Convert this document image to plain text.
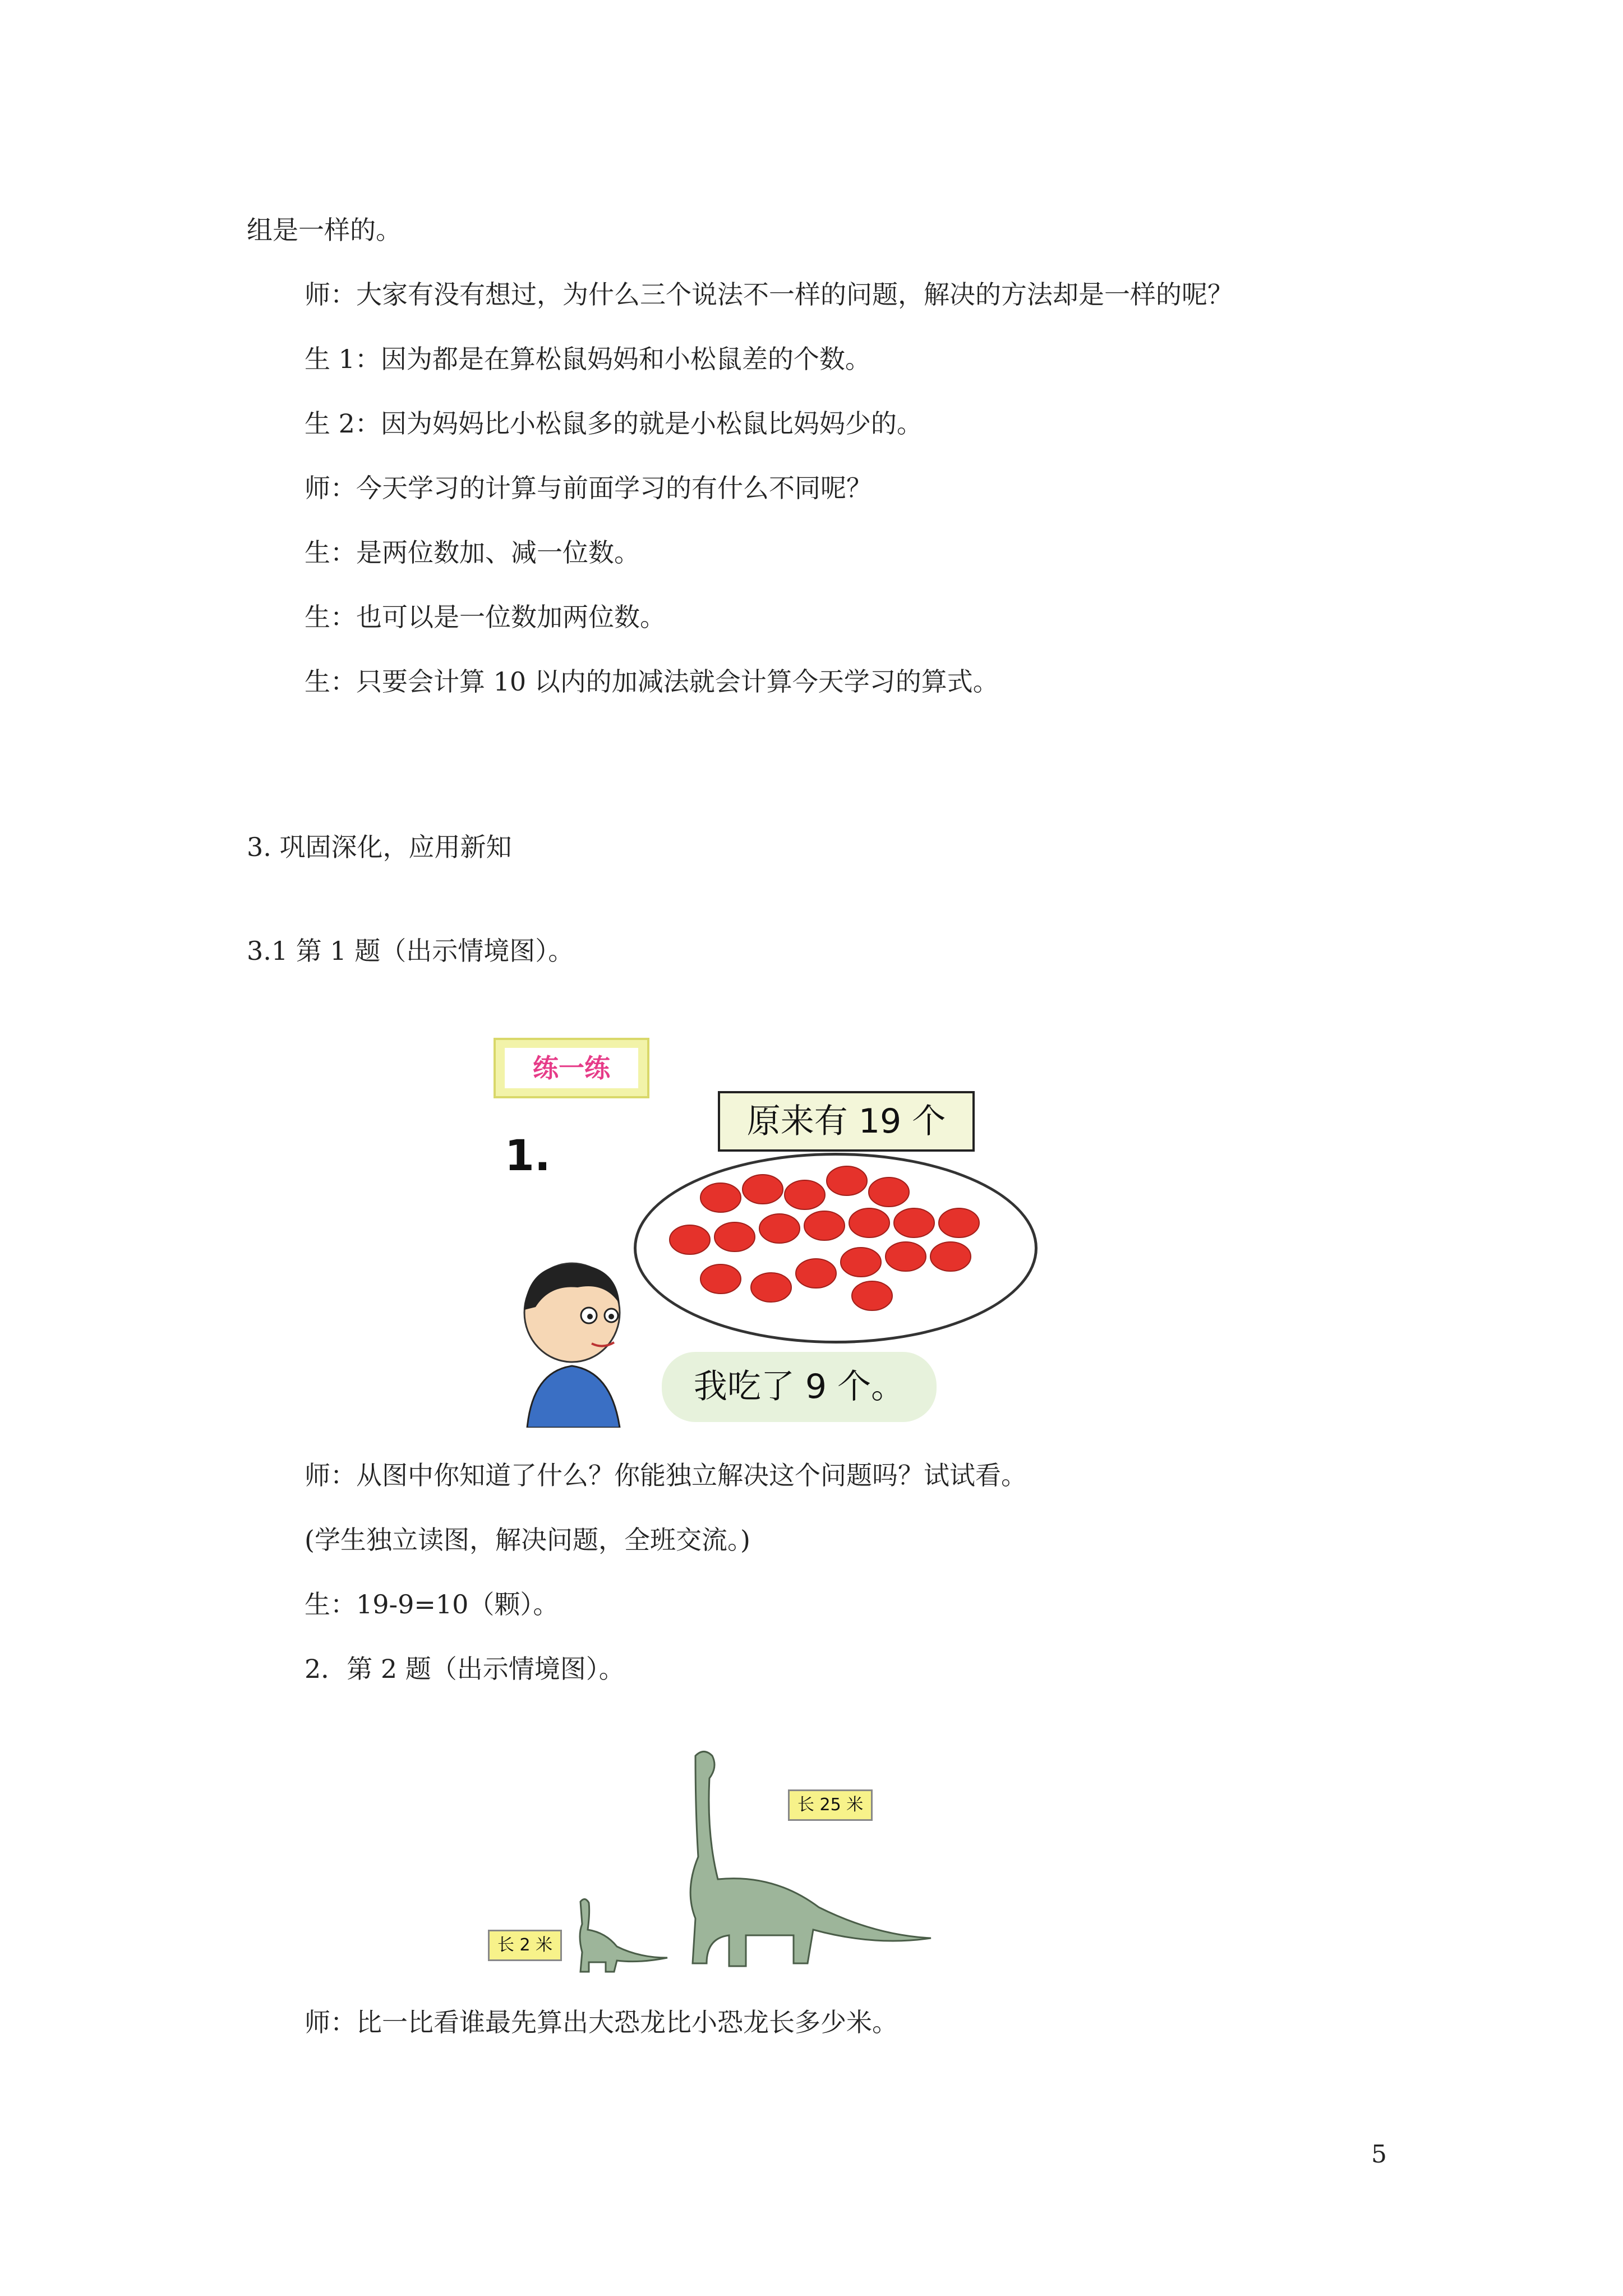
组是一样的。
师：大家有没有想过，为什么三个说法不一样的问题，解决的方法却是一样的呢？
生 1：因为都是在算松鼠妈妈和小松鼠差的个数。
生 2：因为妈妈比小松鼠多的就是小松鼠比妈妈少的。
师：今天学习的计算与前面学习的有什么不同呢？
生：是两位数加、减一位数。
生：也可以是一位数加两位数。
生：只要会计算 10 以内的加减法就会计算今天学习的算式。
3. 巩固深化，应用新知
3.1 第 1 题（出示情境图）。
练一练
1.
原来有 19 个
我吃了 9 个。
师：从图中你知道了什么？你能独立解决这个问题吗？试试看。
(学生独立读图，解决问题，全班交流。)
生：19-9=10（颗）。
2．第 2 题（出示情境图）。
长 25 米
长 2 米
师：比一比看谁最先算出大恐龙比小恐龙长多少米。
5
